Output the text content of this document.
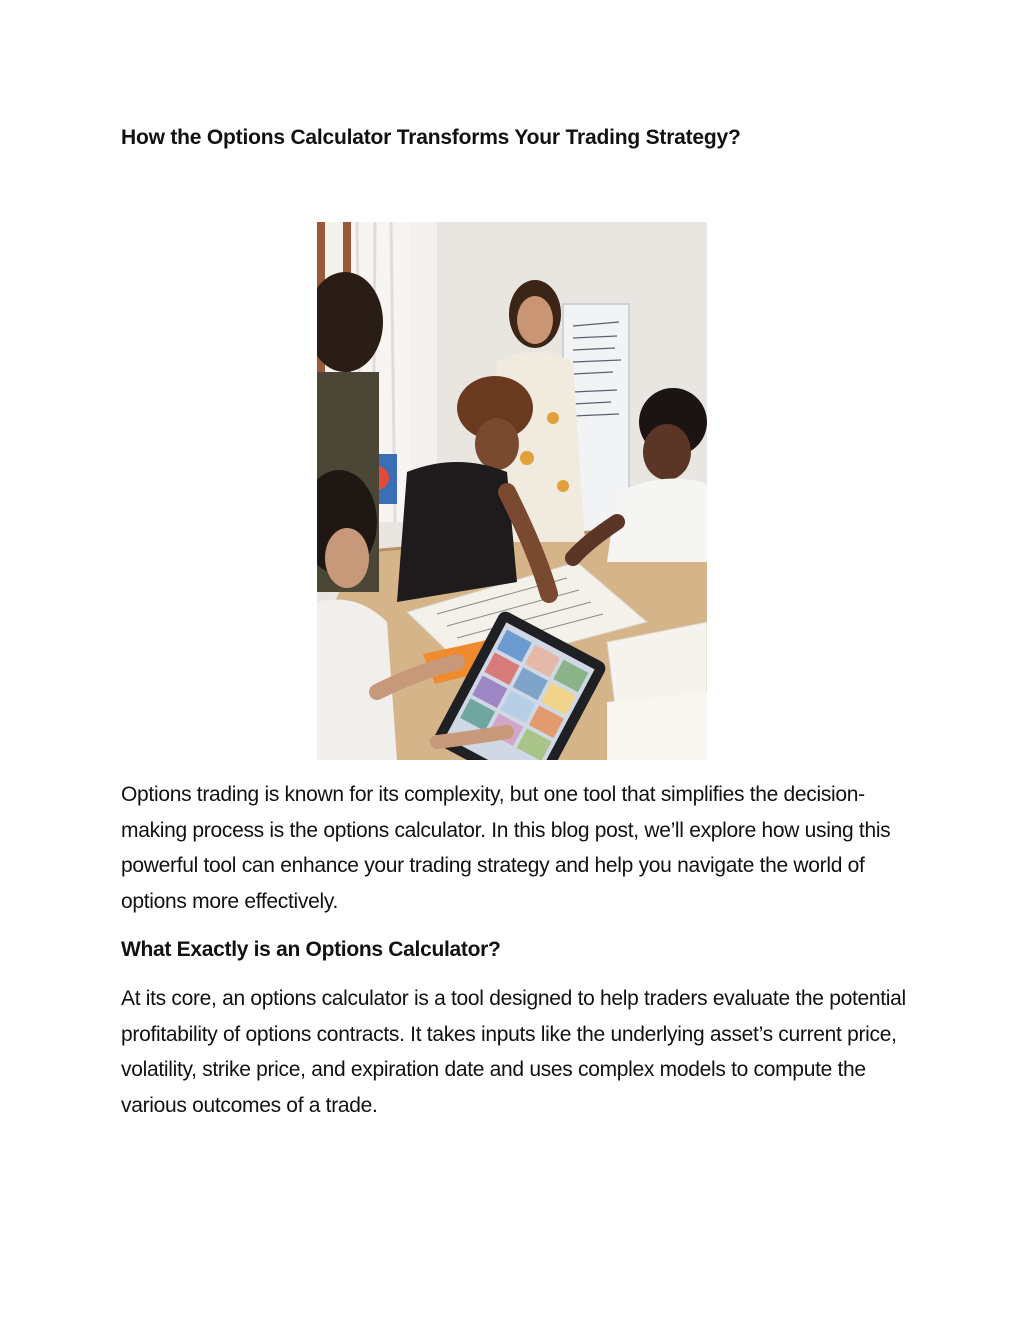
How the Options Calculator Transforms Your Trading Strategy?

Options trading is known for its complexity, but one tool that simplifies the decision-making process is the options calculator. In this blog post, we’ll explore how using this powerful tool can enhance your trading strategy and help you navigate the world of options more effectively.

What Exactly is an Options Calculator?

At its core, an options calculator is a tool designed to help traders evaluate the potential profitability of options contracts. It takes inputs like the underlying asset’s current price, volatility, strike price, and expiration date and uses complex models to compute the various outcomes of a trade.
